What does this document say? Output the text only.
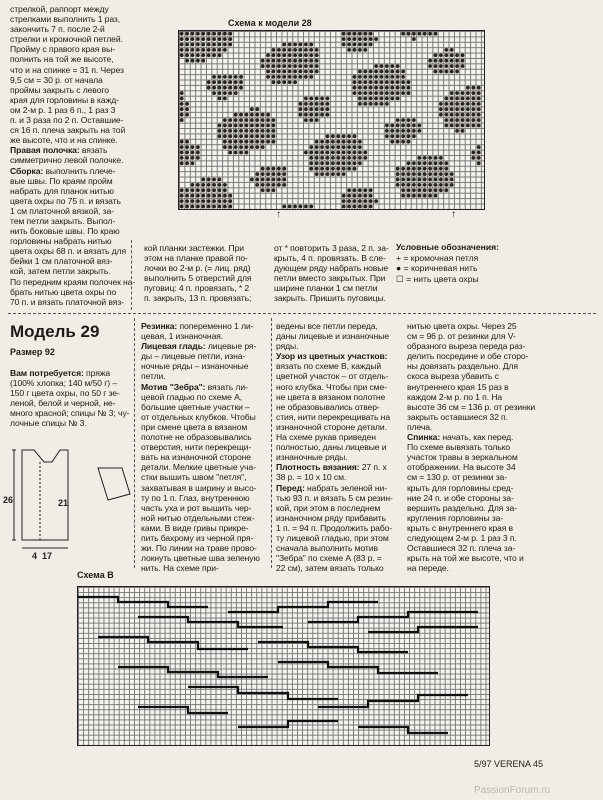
стрелкой, раппорт между

стрелками выполнить 1 раз,

закончить 7 п. после 2-й

стрелки и кромочной петлей.

Пройму с правого края вы-

полнить на той же высоте,

что и на спинке = 31 п. Через

9,5 см = 30 р. от начала

проймы закрыть с левого

края для горловины в кажд-

ом 2-м р. 1 раз 6 п., 1 раз 3

п. и 3 раза по 2 п. Оставшие-

ся 16 п. плеча закрыть на той

же высоте, что и на спинке.

Правая полочка: вязать

симметрично левой полочке.

Сборка: выполнить плече-

вые швы. По краям пройм

набрать для планок нитью

цвета охры по 75 п. и вязать

1 см платочной вязкой, за-

тем петли закрыть. Выпол-

нить боковые швы. По краю

горловины набрать нитью

цвета охры 68 п. и вязать для

бейки 1 см платочной вяз-

кой, затем петли закрыть.

По передним краям полочек на-

брать нитью цвета охры по

70 п. и вязать платочной вяз-

Схема к модели 28
↑	↑

кой планки застежки. При

этом на планке правой по-

лочки во 2-м р. (= лиц. ряд)

выполнить 5 отверстий для

пуговиц: 4 п. провязать, * 2

п. закрыть, 13 п. провязать;

от * повторить 3 раза, 2 п. за-

крыть, 4 п. провязать. В сле-

дующем ряду набрать новые

петли вместо закрытых. При

ширине планки 1 см петли

закрыть. Пришить пуговицы.

Условные обозначения:
+ = кромочная петля
● = коричневая нить
☐ = нить цвета охры
Модель 29
Размер 92

Вам потребуется: пряжа

(100% хлопка; 140 м/50 г) –

150 г цвета охры, по 50 г зе-

леной, белой и черной, не-

много красной; спицы № 3; чу-

лочные спицы № 3.

26	21
4 17

Резинка: попеременно 1 ли-

цевая, 1 изнаночная.

Лицевая гладь: лицевые ря-

ды – лицевые петли, изна-

ночные ряды – изнаночные

петли.

Мотив "Зебра": вязать ли-

цевой гладью по схеме А,

большие цветные участки –

от отдельных клубков. Чтобы

при смене цвета в вязаном

полотне не образовывались

отверстия, нити перекрещи-

вать на изнаночной стороне

детали. Мелкие цветные уча-

стки вышить швом "петля",

захватывая в ширину и высо-

ту по 1 п. Глаз, внутреннюю

часть уха и рот вышить чер-

ной нитью отдельными стеж-

ками. В виде гривы прикре-

пить бахрому из черной пря-

жи. По линии на траве прово-

локнуть цветные шва зеленую

нить. На схеме при-

ведены все петли переда,

даны лицевые и изнаночные

ряды.

Узор из цветных участков:

вязать по схеме В, каждый

цветной участок – от отдель-

ного клубка. Чтобы при сме-

не цвета в вязаном полотне

не образовывались отвер-

стия, нити перекрещивать на

изнаночной стороне детали.

На схеме рукав приведен

полностью, даны лицевые и

изнаночные ряды.

Плотность вязания: 27 п. х

38 р. = 10 х 10 см.

Перед: набрать зеленой ни-

тью 93 п. и вязать 5 см резин-

кой, при этом в последнем

изнаночном ряду прибавить

1 п. = 94 п. Продолжить рабо-

ту лицевой гладью, при этом

сначала выполнить мотив

"Зебра" по схеме А (83 р. =

22 см), затем вязать только

нитью цвета охры. Через 25

см = 96 р. от резинки для V-

образного выреза переда раз-

делить посредине и обе сторо-

ны довязать раздельно. Для

скоса выреза убавить с

внутреннего края 15 раз в

каждом 2-м р. по 1 п. На

высоте 36 см = 136 р. от резинки

закрыть оставшиеся 32 п.

плеча.

Спинка: начать, как перед.

По схеме вывязать только

участок травы в зеркальном

отображении. На высоте 34

см = 130 р. от резинки за-

крыть для горловины сред-

ние 24 п. и обе стороны за-

вершить раздельно. Для за-

кругления горловины за-

крыть с внутреннего края в

следующем 2-м р. 1 раз 3 п.

Оставшиеся 32 п. плеча за-

крыть на той же высоте, что и

на переде.

Схема В
5/97 VERENA 45
PassionForum.ru
